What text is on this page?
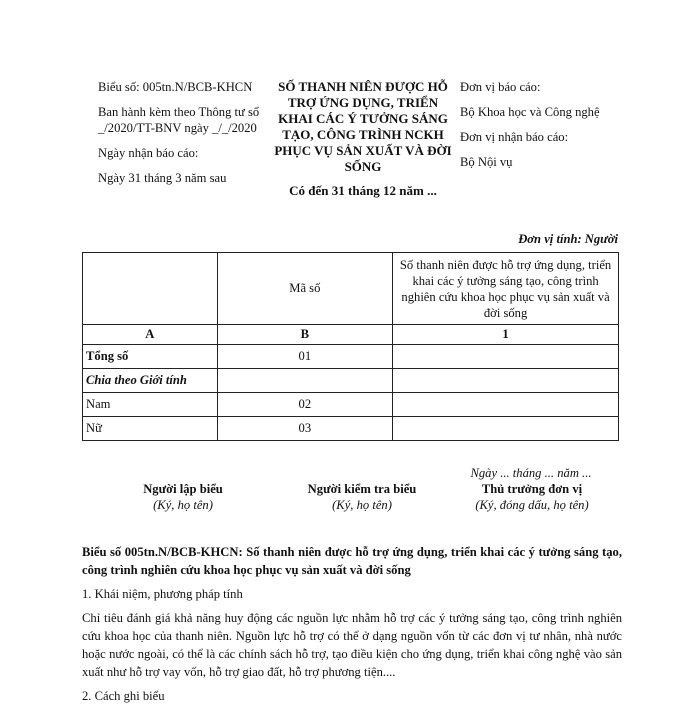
Biểu số: 005tn.N/BCB-KHCN

Ban hành kèm theo Thông tư số _/2020/TT-BNV ngày _/_/2020

Ngày nhận báo cáo:

Ngày 31 tháng 3 năm sau

SỐ THANH NIÊN ĐƯỢC HỖ TRỢ ỨNG DỤNG, TRIỂN KHAI CÁC Ý TƯỞNG SÁNG TẠO, CÔNG TRÌNH NCKH PHỤC VỤ SẢN XUẤT VÀ ĐỜI SỐNG
Có đến 31 tháng 12 năm ...

Đơn vị báo cáo:

Bộ Khoa học và Công nghệ

Đơn vị nhận báo cáo:

Bộ Nội vụ

Đơn vị tính: Người
	Mã số	Số thanh niên được hỗ trợ ứng dụng, triển khai các ý tưởng sáng tạo, công trình nghiên cứu khoa học phục vụ sản xuất và đời sống
A	B	1
Tổng số	01	
Chia theo Giới tính		
Nam	02	
Nữ	03	
Ngày ... tháng ... năm ...
Người lập biểu
(Ký, họ tên)
Người kiểm tra biểu
(Ký, họ tên)
Thủ trưởng đơn vị
(Ký, đóng dấu, họ tên)

Biểu số 005tn.N/BCB-KHCN: Số thanh niên được hỗ trợ ứng dụng, triển khai các ý tưởng sáng tạo, công trình nghiên cứu khoa học phục vụ sản xuất và đời sống

1. Khái niệm, phương pháp tính

Chỉ tiêu đánh giá khả năng huy động các nguồn lực nhằm hỗ trợ các ý tưởng sáng tạo, công trình nghiên cứu khoa học của thanh niên. Nguồn lực hỗ trợ có thể ở dạng nguồn vốn từ các đơn vị tư nhân, nhà nước hoặc nước ngoài, có thể là các chính sách hỗ trợ, tạo điều kiện cho ứng dụng, triển khai công nghệ vào sản xuất như hỗ trợ vay vốn, hỗ trợ giao đất, hỗ trợ phương tiện....

2. Cách ghi biểu
